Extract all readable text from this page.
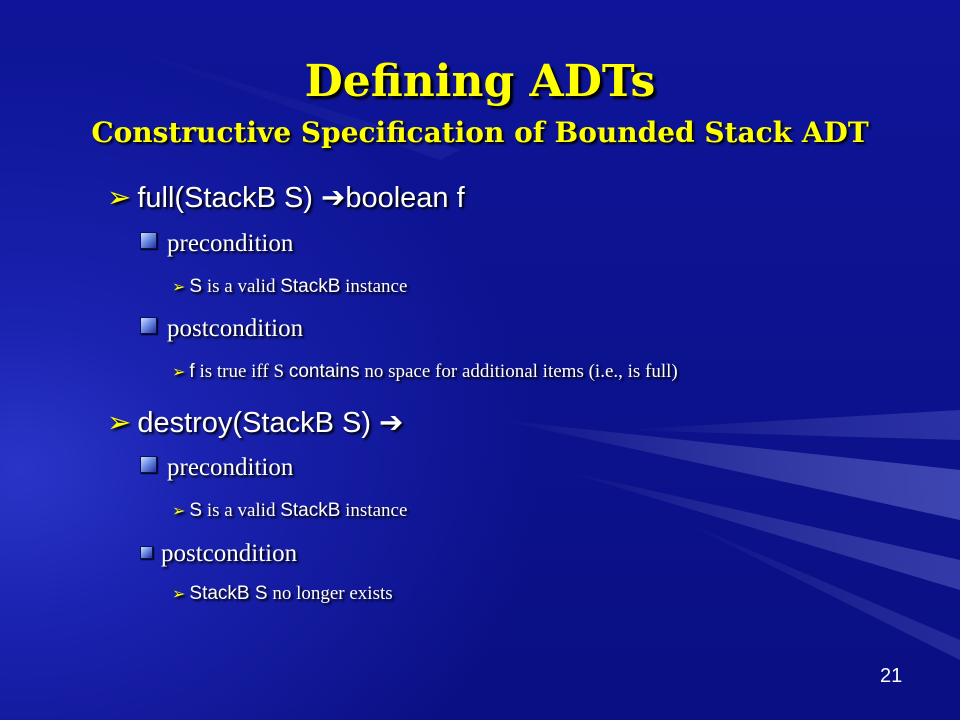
Defining ADTs
Constructive Specification of Bounded Stack ADT
➢ full(StackB S) ➔boolean f
precondition
➢ S is a valid StackB instance
postcondition
➢ f is true iff S contains no space for additional items (i.e., is full)
➢ destroy(StackB S) ➔
precondition
➢ S is a valid StackB instance
postcondition
➢ StackB S no longer exists
21
